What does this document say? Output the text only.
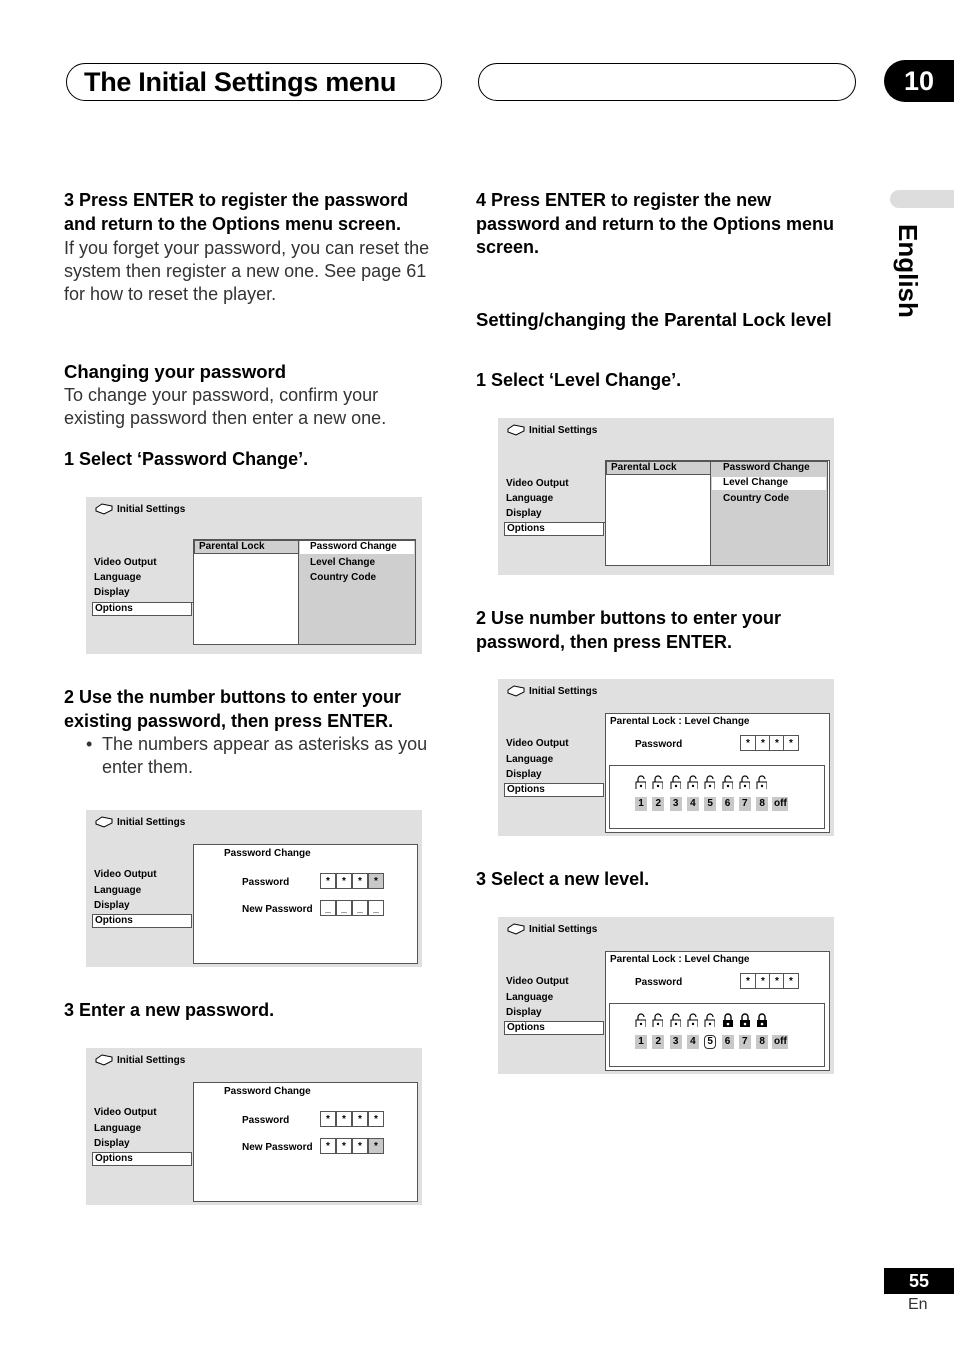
The Initial Settings menu	10
English
3 Press ENTER to register the password and return to the Options menu screen.
If you forget your password, you can reset the system then register a new one. See page 61 for how to reset the player.
Changing your password
To change your password, confirm your existing password then enter a new one.
1 Select ‘Password Change’.
Initial Settings
Video Output
Language
Display
Options
Parental Lock	Password Change
Level Change
Country Code
2 Use the number buttons to enter your existing password, then press ENTER.
• The numbers appear as asterisks as you enter them.
Initial Settings
Video Output
Language
Display
Options
Password Change
Password	*	*	*	*
New Password	_	_	_	_
3 Enter a new password.
Initial Settings
Video Output
Language
Display
Options
Password Change
Password	*	*	*	*
New Password	*	*	*	*
4 Press ENTER to register the new password and return to the Options menu screen.
Setting/changing the Parental Lock level
1 Select ‘Level Change’.
Initial Settings
Video Output
Language
Display
Options
Parental Lock	Password Change
Level Change
Country Code
2 Use number buttons to enter your password, then press ENTER.
Initial Settings
Video Output
Language
Display
Options
Parental Lock : Level Change
Password	*	*	*	*
1	2	3	4	5	6	7	8 off
3 Select a new level.
Initial Settings
Video Output
Language
Display
Options
Parental Lock : Level Change
Password	*	*	*	*
1	2	3	4	5	6	7	8 off
55
En
